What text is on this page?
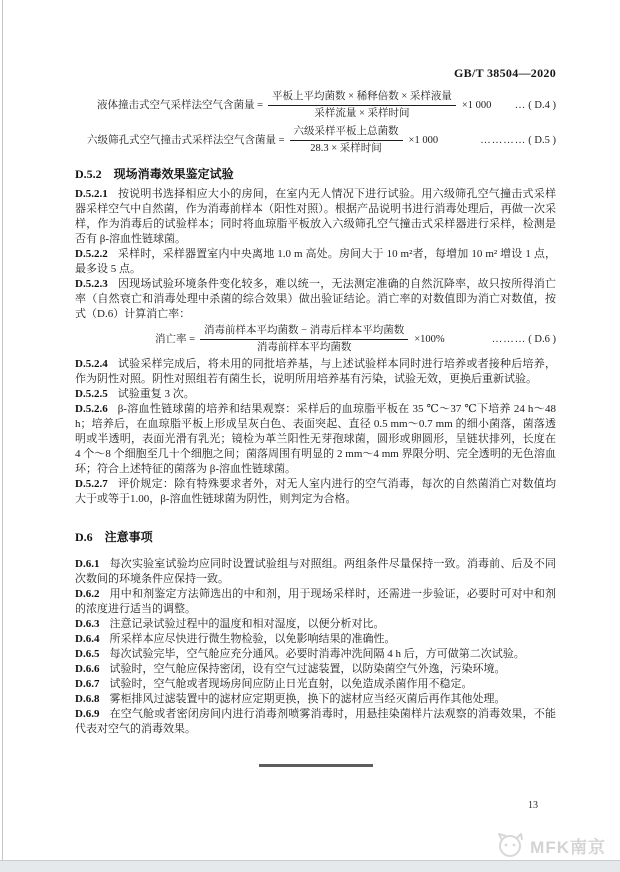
GB/T 38504—2020
液体撞击式空气采样法空气含菌量 = $\frac{\text{平板上平均菌数 × 稀释倍数 × 采样液量}}{\text{采样流量 × 采样时间}} \times 1$ 000 … ( D.4 )
六级筛孔式空气撞击式采样法空气含菌量 = $\frac{\text{六级采样平板上总菌数}}{\text{28.3 × 采样时间}} \times 1$ 000	………… ( D.5 )
D.5.2 现场消毒效果鉴定试验

D.5.2.1 按说明书选择相应大小的房间，在室内无人情况下进行试验。用六级筛孔空气撞击式采样器采样空气中自然菌，作为消毒前样本（阳性对照）。根据产品说明书进行消毒处理后，再做一次采样，作为消毒后的试验样本；同时将血琼脂平板放入六级筛孔空气撞击式采样器进行采样，检测是否有 β-溶血性链球菌。

D.5.2.2 采样时，采样器置室内中央离地 1.0 m 高处。房间大于 10 m²者，每增加 10 m² 增设 1 点，最多设 5 点。

D.5.2.3 因现场试验环境条件变化较多，难以统一，无法测定准确的自然沉降率，故只按所得消亡率（自然衰亡和消毒处理中杀菌的综合效果）做出验证结论。消亡率的对数值即为消亡对数值，按式（D.6）计算消亡率：

消亡率 = $\frac{\text{消毒前样本平均菌数 − 消毒后样本平均菌数}}{\text{消毒前样本平均菌数}} \times 100\%$	……… ( D.6 )

D.5.2.4 试验采样完成后，将未用的同批培养基，与上述试验样本同时进行培养或者接种后培养，作为阴性对照。阴性对照组若有菌生长，说明所用培养基有污染，试验无效，更换后重新试验。

D.5.2.5 试验重复 3 次。

D.5.2.6 β-溶血性链球菌的培养和结果观察：采样后的血琼脂平板在 35 ℃～37 ℃下培养 24 h～48 h；培养后，在血琼脂平板上形成呈灰白色、表面突起、直径 0.5 mm～0.7 mm 的细小菌落，菌落透明或半透明，表面光滑有乳光；镜检为革兰阳性无芽孢球菌，圆形或卵圆形，呈链状排列，长度在 4 个～8 个细胞至几十个细胞之间；菌落周围有明显的 2 mm～4 mm 界限分明、完全透明的无色溶血环；符合上述特征的菌落为 β-溶血性链球菌。

D.5.2.7 评价规定：除有特殊要求者外，对无人室内进行的空气消毒，每次的自然菌消亡对数值均大于或等于1.00，β-溶血性链球菌为阴性，则判定为合格。

D.6 注意事项

D.6.1 每次实验室试验均应同时设置试验组与对照组。两组条件尽量保持一致。消毒前、后及不同次数间的环境条件应保持一致。

D.6.2 用中和剂鉴定方法筛选出的中和剂，用于现场采样时，还需进一步验证，必要时可对中和剂的浓度进行适当的调整。

D.6.3 注意记录试验过程中的温度和相对湿度，以便分析对比。

D.6.4 所采样本应尽快进行微生物检验，以免影响结果的准确性。

D.6.5 每次试验完毕，空气舱应充分通风。必要时消毒冲洗间隔 4 h 后，方可做第二次试验。

D.6.6 试验时，空气舱应保持密闭，设有空气过滤装置，以防染菌空气外逸，污染环境。

D.6.7 试验时，空气舱或者现场房间应防止日光直射，以免造成杀菌作用不稳定。

D.6.8 雾柜排风过滤装置中的滤材应定期更换，换下的滤材应当经灭菌后再作其他处理。

D.6.9 在空气舱或者密闭房间内进行消毒剂喷雾消毒时，用悬挂染菌样片法观察的消毒效果，不能代表对空气的消毒效果。

13
MFK南京
